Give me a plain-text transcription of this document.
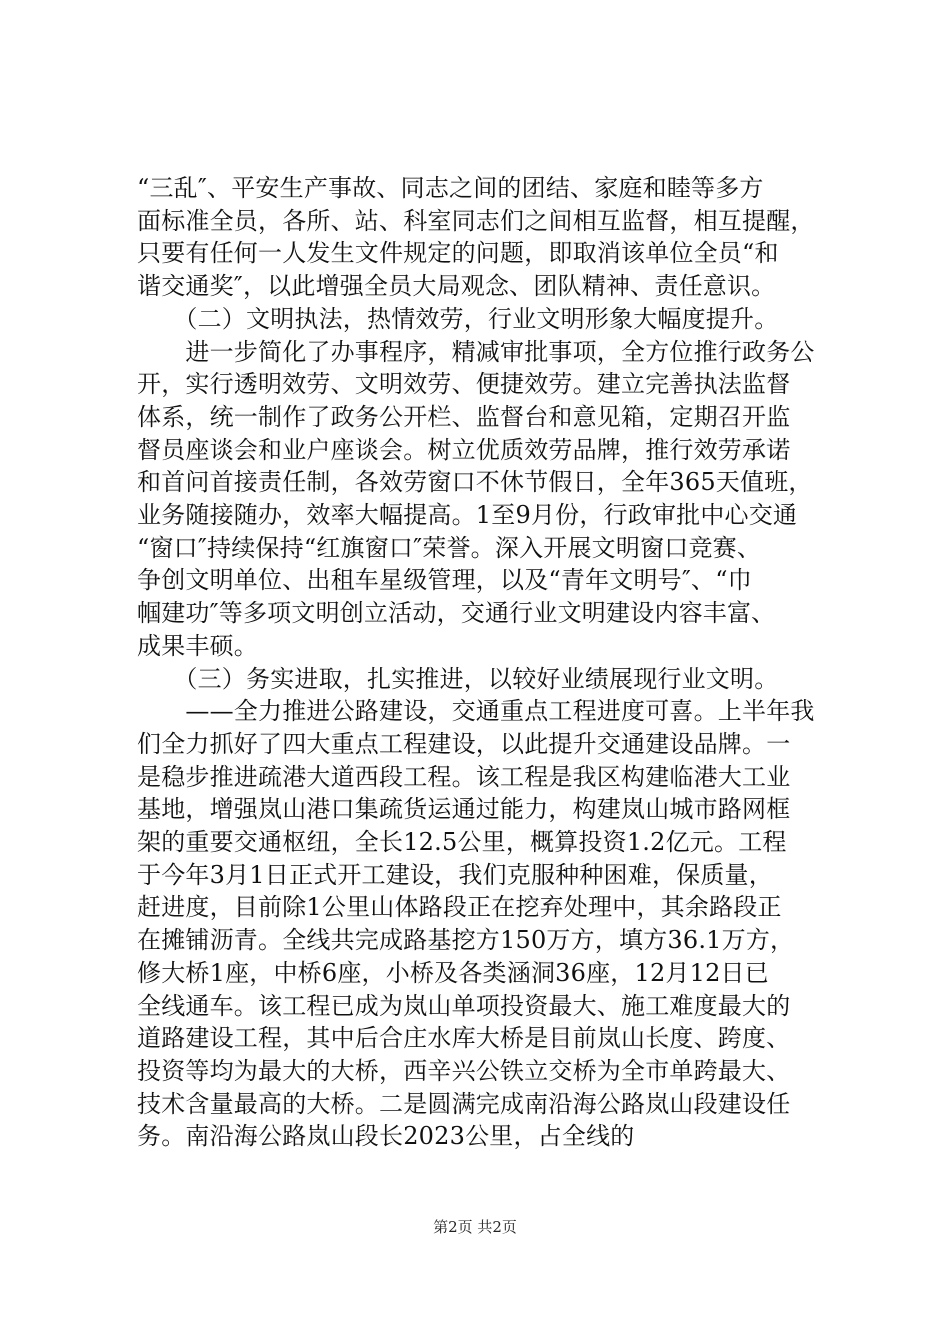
“三乱″、平安生产事故、同志之间的团结、家庭和睦等多方
面标准全员，各所、站、科室同志们之间相互监督，相互提醒，
只要有任何一人发生文件规定的问题，即取消该单位全员“和
谐交通奖″，以此增强全员大局观念、团队精神、责任意识。
　　（二）文明执法，热情效劳，行业文明形象大幅度提升。
　　进一步简化了办事程序，精减审批事项，全方位推行政务公
开，实行透明效劳、文明效劳、便捷效劳。建立完善执法监督
体系，统一制作了政务公开栏、监督台和意见箱，定期召开监
督员座谈会和业户座谈会。树立优质效劳品牌，推行效劳承诺
和首问首接责任制，各效劳窗口不休节假日，全年365天值班，
业务随接随办，效率大幅提高。1至9月份，行政审批中心交通
“窗口″持续保持“红旗窗口″荣誉。深入开展文明窗口竞赛、
争创文明单位、出租车星级管理，以及“青年文明号″、“巾
帼建功″等多项文明创立活动，交通行业文明建设内容丰富、
成果丰硕。
　　（三）务实进取，扎实推进，以较好业绩展现行业文明。
　　——全力推进公路建设，交通重点工程进度可喜。上半年我
们全力抓好了四大重点工程建设，以此提升交通建设品牌。一
是稳步推进疏港大道西段工程。该工程是我区构建临港大工业
基地，增强岚山港口集疏货运通过能力，构建岚山城市路网框
架的重要交通枢纽，全长12.5公里，概算投资1.2亿元。工程
于今年3月1日正式开工建设，我们克服种种困难，保质量，
赶进度，目前除1公里山体路段正在挖弃处理中，其余路段正
在摊铺沥青。全线共完成路基挖方150万方，填方36.1万方，
修大桥1座，中桥6座，小桥及各类涵洞36座，12月12日已
全线通车。该工程已成为岚山单项投资最大、施工难度最大的
道路建设工程，其中后合庄水库大桥是目前岚山长度、跨度、
投资等均为最大的大桥，西辛兴公铁立交桥为全市单跨最大、
技术含量最高的大桥。二是圆满完成南沿海公路岚山段建设任
务。南沿海公路岚山段长2023公里，占全线的
第2页 共2页
